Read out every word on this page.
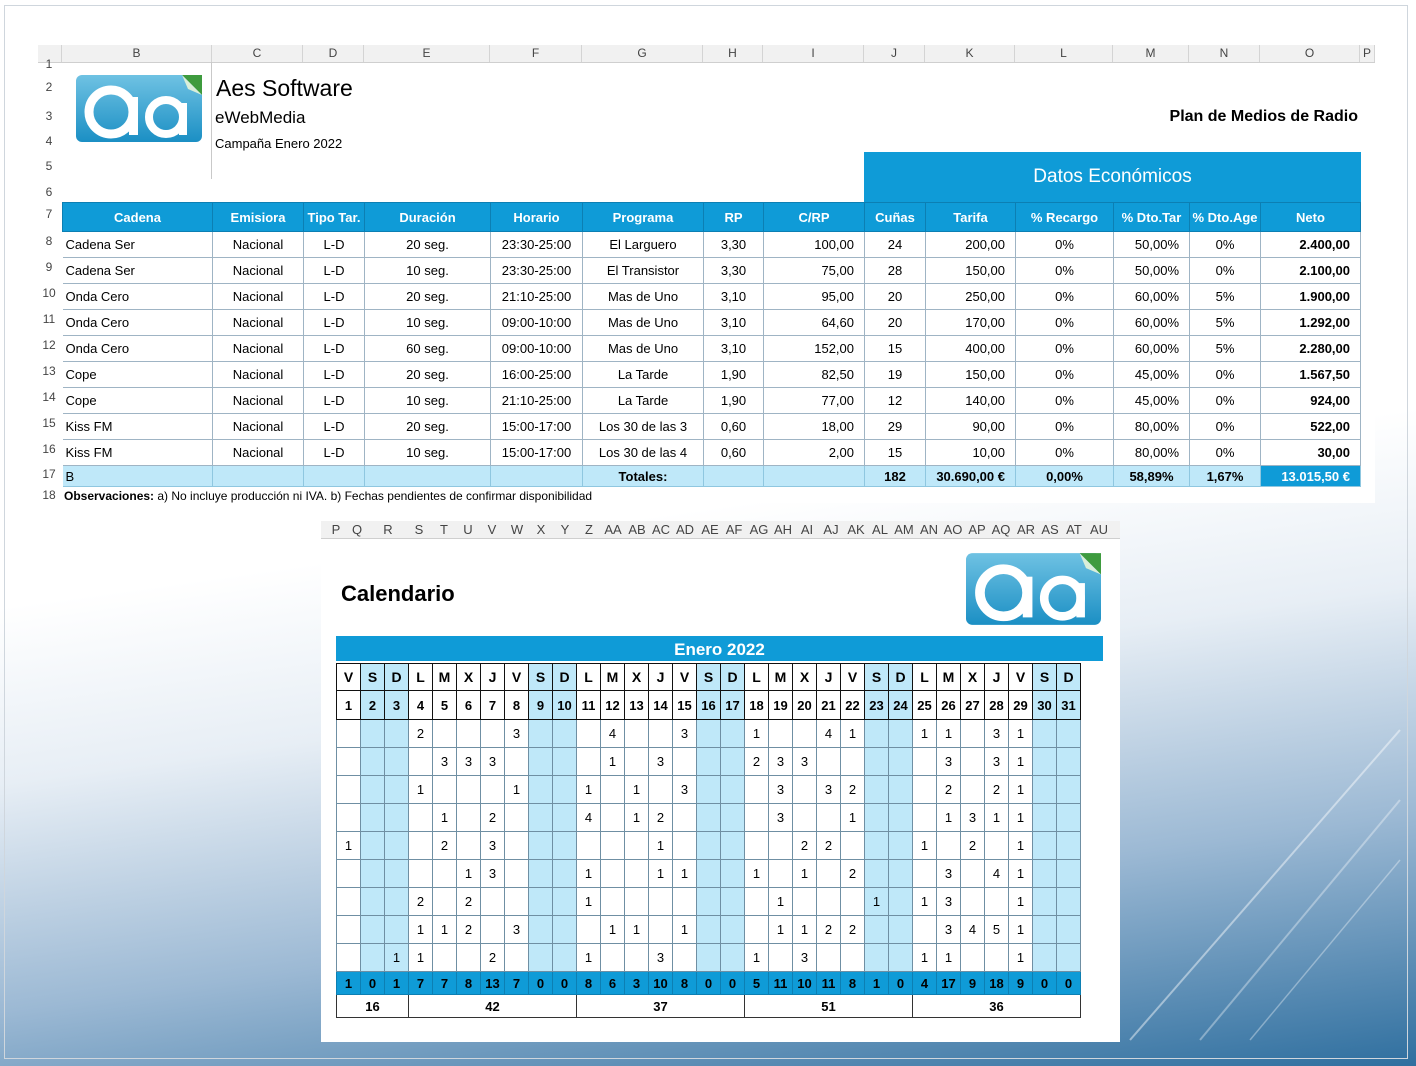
B	C	D	E	F	G	H	I	J	K	L	M	N	O	P
1
2
3
4
5
6
7
8
9
10
11
12
13
14
15
16
17
18
Aes Software
eWebMedia
Campaña Enero 2022
Plan de Medios de Radio
Datos Económicos
Cadena	Emisiora	Tipo Tar.	Duración	Horario	Programa	RP	C/RP	Cuñas	Tarifa	% Recargo	% Dto.Tar	% Dto.Age	Neto
Cadena Ser	Nacional	L-D	20 seg.	23:30-25:00	El Larguero	3,30	100,00	24	200,00	0%	50,00%	0%	2.400,00
Cadena Ser	Nacional	L-D	10 seg.	23:30-25:00	El Transistor	3,30	75,00	28	150,00	0%	50,00%	0%	2.100,00
Onda Cero	Nacional	L-D	20 seg.	21:10-25:00	Mas de Uno	3,10	95,00	20	250,00	0%	60,00%	5%	1.900,00
Onda Cero	Nacional	L-D	10 seg.	09:00-10:00	Mas de Uno	3,10	64,60	20	170,00	0%	60,00%	5%	1.292,00
Onda Cero	Nacional	L-D	60 seg.	09:00-10:00	Mas de Uno	3,10	152,00	15	400,00	0%	60,00%	5%	2.280,00
Cope	Nacional	L-D	20 seg.	16:00-25:00	La Tarde	1,90	82,50	19	150,00	0%	45,00%	0%	1.567,50
Cope	Nacional	L-D	10 seg.	21:10-25:00	La Tarde	1,90	77,00	12	140,00	0%	45,00%	0%	924,00
Kiss FM	Nacional	L-D	20 seg.	15:00-17:00	Los 30 de las 3	0,60	18,00	29	90,00	0%	80,00%	0%	522,00
Kiss FM	Nacional	L-D	10 seg.	15:00-17:00	Los 30 de las 4	0,60	2,00	15	10,00	0%	80,00%	0%	30,00
B					Totales:			182	30.690,00 €	0,00%	58,89%	1,67%	13.015,50 €
Observaciones: a) No incluye producción ni IVA. b) Fechas pendientes de confirmar disponibilidad
P Q	R	S	T	U	V	W	X	Y	Z AA AB AC AD AE AF AG AH AI AJ AK AL AM AN AO AP AQ AR AS AT AU
Calendario
Enero 2022
V	S	D	L	M	X	J	V	S	D	L	M	X	J	V	S	D	L	M	X	J	V	S	D	L	M	X	J	V	S	D
1	2	3	4	5	6	7	8	9	10	11	12	13	14	15	16	17	18	19	20	21	22	23	24	25	26	27	28	29	30	31
			2				3				4			3			1			4	1			1	1		3	1		
				3	3	3					1		3				2	3	3						3		3	1		
			1				1			1		1		3				3		3	2				2		2	1		
				1		2				4		1	2					3			1				1	3	1	1		
1				2		3							1						2	2				1		2		1		
					1	3				1			1	1			1		1		2				3		4	1		
			2		2					1								1				1		1	3			1		
			1	1	2		3				1	1		1				1	1	2	2				3	4	5	1		
		1	1			2				1			3				1		3					1	1			1		
1	0	1	7	7	8	13	7	0	0	8	6	3	10	8	0	0	5	11	10	11	8	1	0	4	17	9	18	9	0	0
16			42							37							51							36						
